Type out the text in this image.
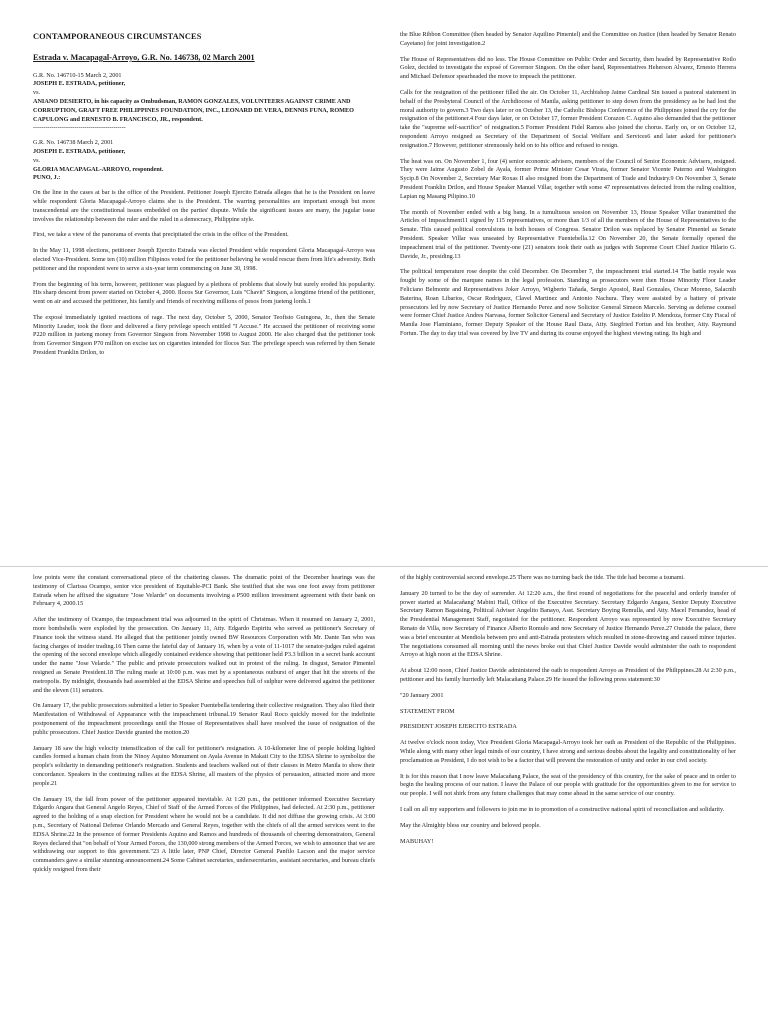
CONTAMPORANEOUS CIRCUMSTANCES
Estrada v. Macapagal-Arroyo, G.R. No. 146738, 02 March 2001
G.R. No. 146710-15 March 2, 2001
JOSEPH E. ESTRADA, petitioner,
vs.
ANIANO DESIERTO, in his capacity as Ombudsman, RAMON GONZALES, VOLUNTEERS AGAINST CRIME AND CORRUPTION, GRAFT FREE PHILIPPINES FOUNDATION, INC., LEONARD DE VERA, DENNIS FUNA, ROMEO CAPULONG and ERNESTO B. FRANCISCO, JR., respondent.
---------------------------------------------
G.R. No. 146738 March 2, 2001
JOSEPH E. ESTRADA, petitioner,
vs.
GLORIA MACAPAGAL-ARROYO, respondent.
PUNO, J.:

On the line in the cases at bar is the office of the President. Petitioner Joseph Ejercito Estrada alleges that he is the President on leave while respondent Gloria Macapagal-Arroyo claims she is the President. The warring personalities are important enough but more transcendental are the constitutional issues embedded on the parties' dispute. While the significant issues are many, the jugular issue involves the relationship between the ruler and the ruled in a democracy, Philippine style.

First, we take a view of the panorama of events that precipitated the crisis in the office of the President.

In the May 11, 1998 elections, petitioner Joseph Ejercito Estrada was elected President while respondent Gloria Macapagal-Arroyo was elected Vice-President. Some ten (10) million Filipinos voted for the petitioner believing he would rescue them from life's adversity. Both petitioner and the respondent were to serve a six-year term commencing on June 30, 1998.

From the beginning of his term, however, petitioner was plagued by a plethora of problems that slowly but surely eroded his popularity. His sharp descent from power started on October 4, 2000. Ilocos Sur Governor, Luis "Chavit" Singson, a longtime friend of the petitioner, went on air and accused the petitioner, his family and friends of receiving millions of pesos from jueteng lords.1

The exposé immediately ignited reactions of rage. The next day, October 5, 2000, Senator Teofisto Guingona, Jr., then the Senate Minority Leader, took the floor and delivered a fiery privilege speech entitled "I Accuse." He accused the petitioner of receiving some P220 million in jueteng money from Governor Singson from November 1998 to August 2000. He also charged that the petitioner took from Governor Singson P70 million on excise tax on cigarettes intended for Ilocos Sur. The privilege speech was referred by then Senate President Franklin Drilon, to

the Blue Ribbon Committee (then headed by Senator Aquilino Pimentel) and the Committee on Justice (then headed by Senator Renato Cayetano) for joint investigation.2

The House of Representatives did no less. The House Committee on Public Order and Security, then headed by Representative Roilo Golez, decided to investigate the exposé of Governor Singson. On the other hand, Representatives Heherson Alvarez, Ernesto Herrera and Michael Defensor spearheaded the move to impeach the petitioner.

Calls for the resignation of the petitioner filled the air. On October 11, Archbishop Jaime Cardinal Sin issued a pastoral statement in behalf of the Presbyteral Council of the Archdiocese of Manila, asking petitioner to step down from the presidency as he had lost the moral authority to govern.3 Two days later or on October 13, the Catholic Bishops Conference of the Philippines joined the cry for the resignation of the petitioner.4 Four days later, or on October 17, former President Corazon C. Aquino also demanded that the petitioner take the "supreme self-sacrifice" of resignation.5 Former President Fidel Ramos also joined the chorus. Early on, or on October 12, respondent Arroyo resigned as Secretary of the Department of Social Welfare and Services6 and later asked for petitioner's resignation.7 However, petitioner strenuously held on to his office and refused to resign.

The heat was on. On November 1, four (4) senior economic advisers, members of the Council of Senior Economic Advisers, resigned. They were Jaime Augusto Zobel de Ayala, former Prime Minister Cesar Virata, former Senator Vicente Paterno and Washington Sycip.8 On November 2, Secretary Mar Roxas II also resigned from the Department of Trade and Industry.9 On November 3, Senate President Franklin Drilon, and House Speaker Manuel Villar, together with some 47 representatives defected from the ruling coalition, Lapian ng Masang Pilipino.10

The month of November ended with a big bang. In a tumultuous session on November 13, House Speaker Villar transmitted the Articles of Impeachment11 signed by 115 representatives, or more than 1/3 of all the members of the House of Representatives to the Senate. This caused political convulsions in both houses of Congress. Senator Drilon was replaced by Senator Pimentel as Senate President. Speaker Villar was unseated by Representative Fuentebella.12 On November 20, the Senate formally opened the impeachment trial of the petitioner. Twenty-one (21) senators took their oath as judges with Supreme Court Chief Justice Hilario G. Davide, Jr., presiding.13

The political temperature rose despite the cold December. On December 7, the impeachment trial started.14 The battle royale was fought by some of the marquee names in the legal profession. Standing as prosecutors were then House Minority Floor Leader Feliciano Belmonte and Representatives Joker Arroyo, Wigberto Tañada, Sergio Apostol, Raul Gonzales, Oscar Moreno, Salacnib Baterina, Roan Libarios, Oscar Rodriguez, Clavel Martinez and Antonio Nachura. They were assisted by a battery of private prosecutors led by now Secretary of Justice Hernando Perez and now Solicitor General Simeon Marcelo. Serving as defense counsel were former Chief Justice Andres Narvasa, former Solicitor General and Secretary of Justice Estelito P. Mendoza, former City Fiscal of Manila Jose Flaminiano, former Deputy Speaker of the House Raul Daza, Atty. Siegfried Fortun and his brother, Atty. Raymund Fortun. The day to day trial was covered by live TV and during its course enjoyed the highest viewing rating. Its high and

low points were the constant conversational piece of the chattering classes. The dramatic point of the December hearings was the testimony of Clarissa Ocampo, senior vice president of Equitable-PCI Bank. She testified that she was one foot away from petitioner Estrada when he affixed the signature "Jose Velarde" on documents involving a P500 million investment agreement with their bank on February 4, 2000.15

After the testimony of Ocampo, the impeachment trial was adjourned in the spirit of Christmas. When it resumed on January 2, 2001, more bombshells were exploded by the prosecution. On January 11, Atty. Edgardo Espiritu who served as petitioner's Secretary of Finance took the witness stand. He alleged that the petitioner jointly owned BW Resources Corporation with Mr. Dante Tan who was facing charges of insider trading.16 Then came the fateful day of January 16, when by a vote of 11-1017 the senator-judges ruled against the opening of the second envelope which allegedly contained evidence showing that petitioner held P3.3 billion in a secret bank account under the name "Jose Velarde." The public and private prosecutors walked out in protest of the ruling. In disgust, Senator Pimentel resigned as Senate President.18 The ruling made at 10:00 p.m. was met by a spontaneous outburst of anger that hit the streets of the metropolis. By midnight, thousands had assembled at the EDSA Shrine and speeches full of sulphur were delivered against the petitioner and the eleven (11) senators.

On January 17, the public prosecutors submitted a letter to Speaker Fuentebella tendering their collective resignation. They also filed their Manifestation of Withdrawal of Appearance with the impeachment tribunal.19 Senator Raul Roco quickly moved for the indefinite postponement of the impeachment proceedings until the House of Representatives shall have resolved the issue of resignation of the public prosecutors. Chief Justice Davide granted the motion.20

January 18 saw the high velocity intensification of the call for petitioner's resignation. A 10-kilometer line of people holding lighted candles formed a human chain from the Ninoy Aquino Monument on Ayala Avenue in Makati City to the EDSA Shrine to symbolize the people's solidarity in demanding petitioner's resignation. Students and teachers walked out of their classes in Metro Manila to show their concordance. Speakers in the continuing rallies at the EDSA Shrine, all masters of the physics of persuasion, attracted more and more people.21

On January 19, the fall from power of the petitioner appeared inevitable. At 1:20 p.m., the petitioner informed Executive Secretary Edgardo Angara that General Angelo Reyes, Chief of Staff of the Armed Forces of the Philippines, had defected. At 2:30 p.m., petitioner agreed to the holding of a snap election for President where he would not be a candidate. It did not diffuse the growing crisis. At 3:00 p.m., Secretary of National Defense Orlando Mercado and General Reyes, together with the chiefs of all the armed services went to the EDSA Shrine.22 In the presence of former Presidents Aquino and Ramos and hundreds of thousands of cheering demonstrators, General Reyes declared that "on behalf of Your Armed Forces, the 130,000 strong members of the Armed Forces, we wish to announce that we are withdrawing our support to this government."23 A little later, PNP Chief, Director General Panfilo Lacson and the major service commanders gave a similar stunning announcement.24 Some Cabinet secretaries, undersecretaries, assistant secretaries, and bureau chiefs quickly resigned from their

of the highly controversial second envelope.25 There was no turning back the tide. The tide had become a tsunami.

January 20 turned to be the day of surrender. At 12:20 a.m., the first round of negotiations for the peaceful and orderly transfer of power started at Malacañang' Mabini Hall, Office of the Executive Secretary. Secretary Edgardo Angara, Senior Deputy Executive Secretary Ramon Bagatsing, Political Adviser Angelito Banayo, Asst. Secretary Boying Remulla, and Atty. Macel Fernandez, head of the Presidential Management Staff, negotiated for the petitioner. Respondent Arroyo was represented by now Executive Secretary Renato de Villa, now Secretary of Finance Alberto Romulo and now Secretary of Justice Hernando Perez.27 Outside the palace, there was a brief encounter at Mendiola between pro and anti-Estrada protesters which resulted in stone-throwing and caused minor injuries. The negotiations consumed all morning until the news broke out that Chief Justice Davide would administer the oath to respondent Arroyo at high noon at the EDSA Shrine.

At about 12:00 noon, Chief Justice Davide administered the oath to respondent Arroyo as President of the Philippines.28 At 2:30 p.m., petitioner and his family hurriedly left Malacañang Palace.29 He issued the following press statement:30

"20 January 2001

STATEMENT FROM

PRESIDENT JOSEPH EJERCITO ESTRADA

At twelve o'clock noon today, Vice President Gloria Macapagal-Arroyo took her oath as President of the Republic of the Philippines. While along with many other legal minds of our country, I have strong and serious doubts about the legality and constitutionality of her proclamation as President, I do not wish to be a factor that will prevent the restoration of unity and order in our civil society.

It is for this reason that I now leave Malacañang Palace, the seat of the presidency of this country, for the sake of peace and in order to begin the healing process of our nation. I leave the Palace of our people with gratitude for the opportunities given to me for service to our people. I will not shirk from any future challenges that may come ahead in the same service of our country.

I call on all my supporters and followers to join me in to promotion of a constructive national spirit of reconciliation and solidarity.

May the Almighty bless our country and beloved people.

MABUHAY!
